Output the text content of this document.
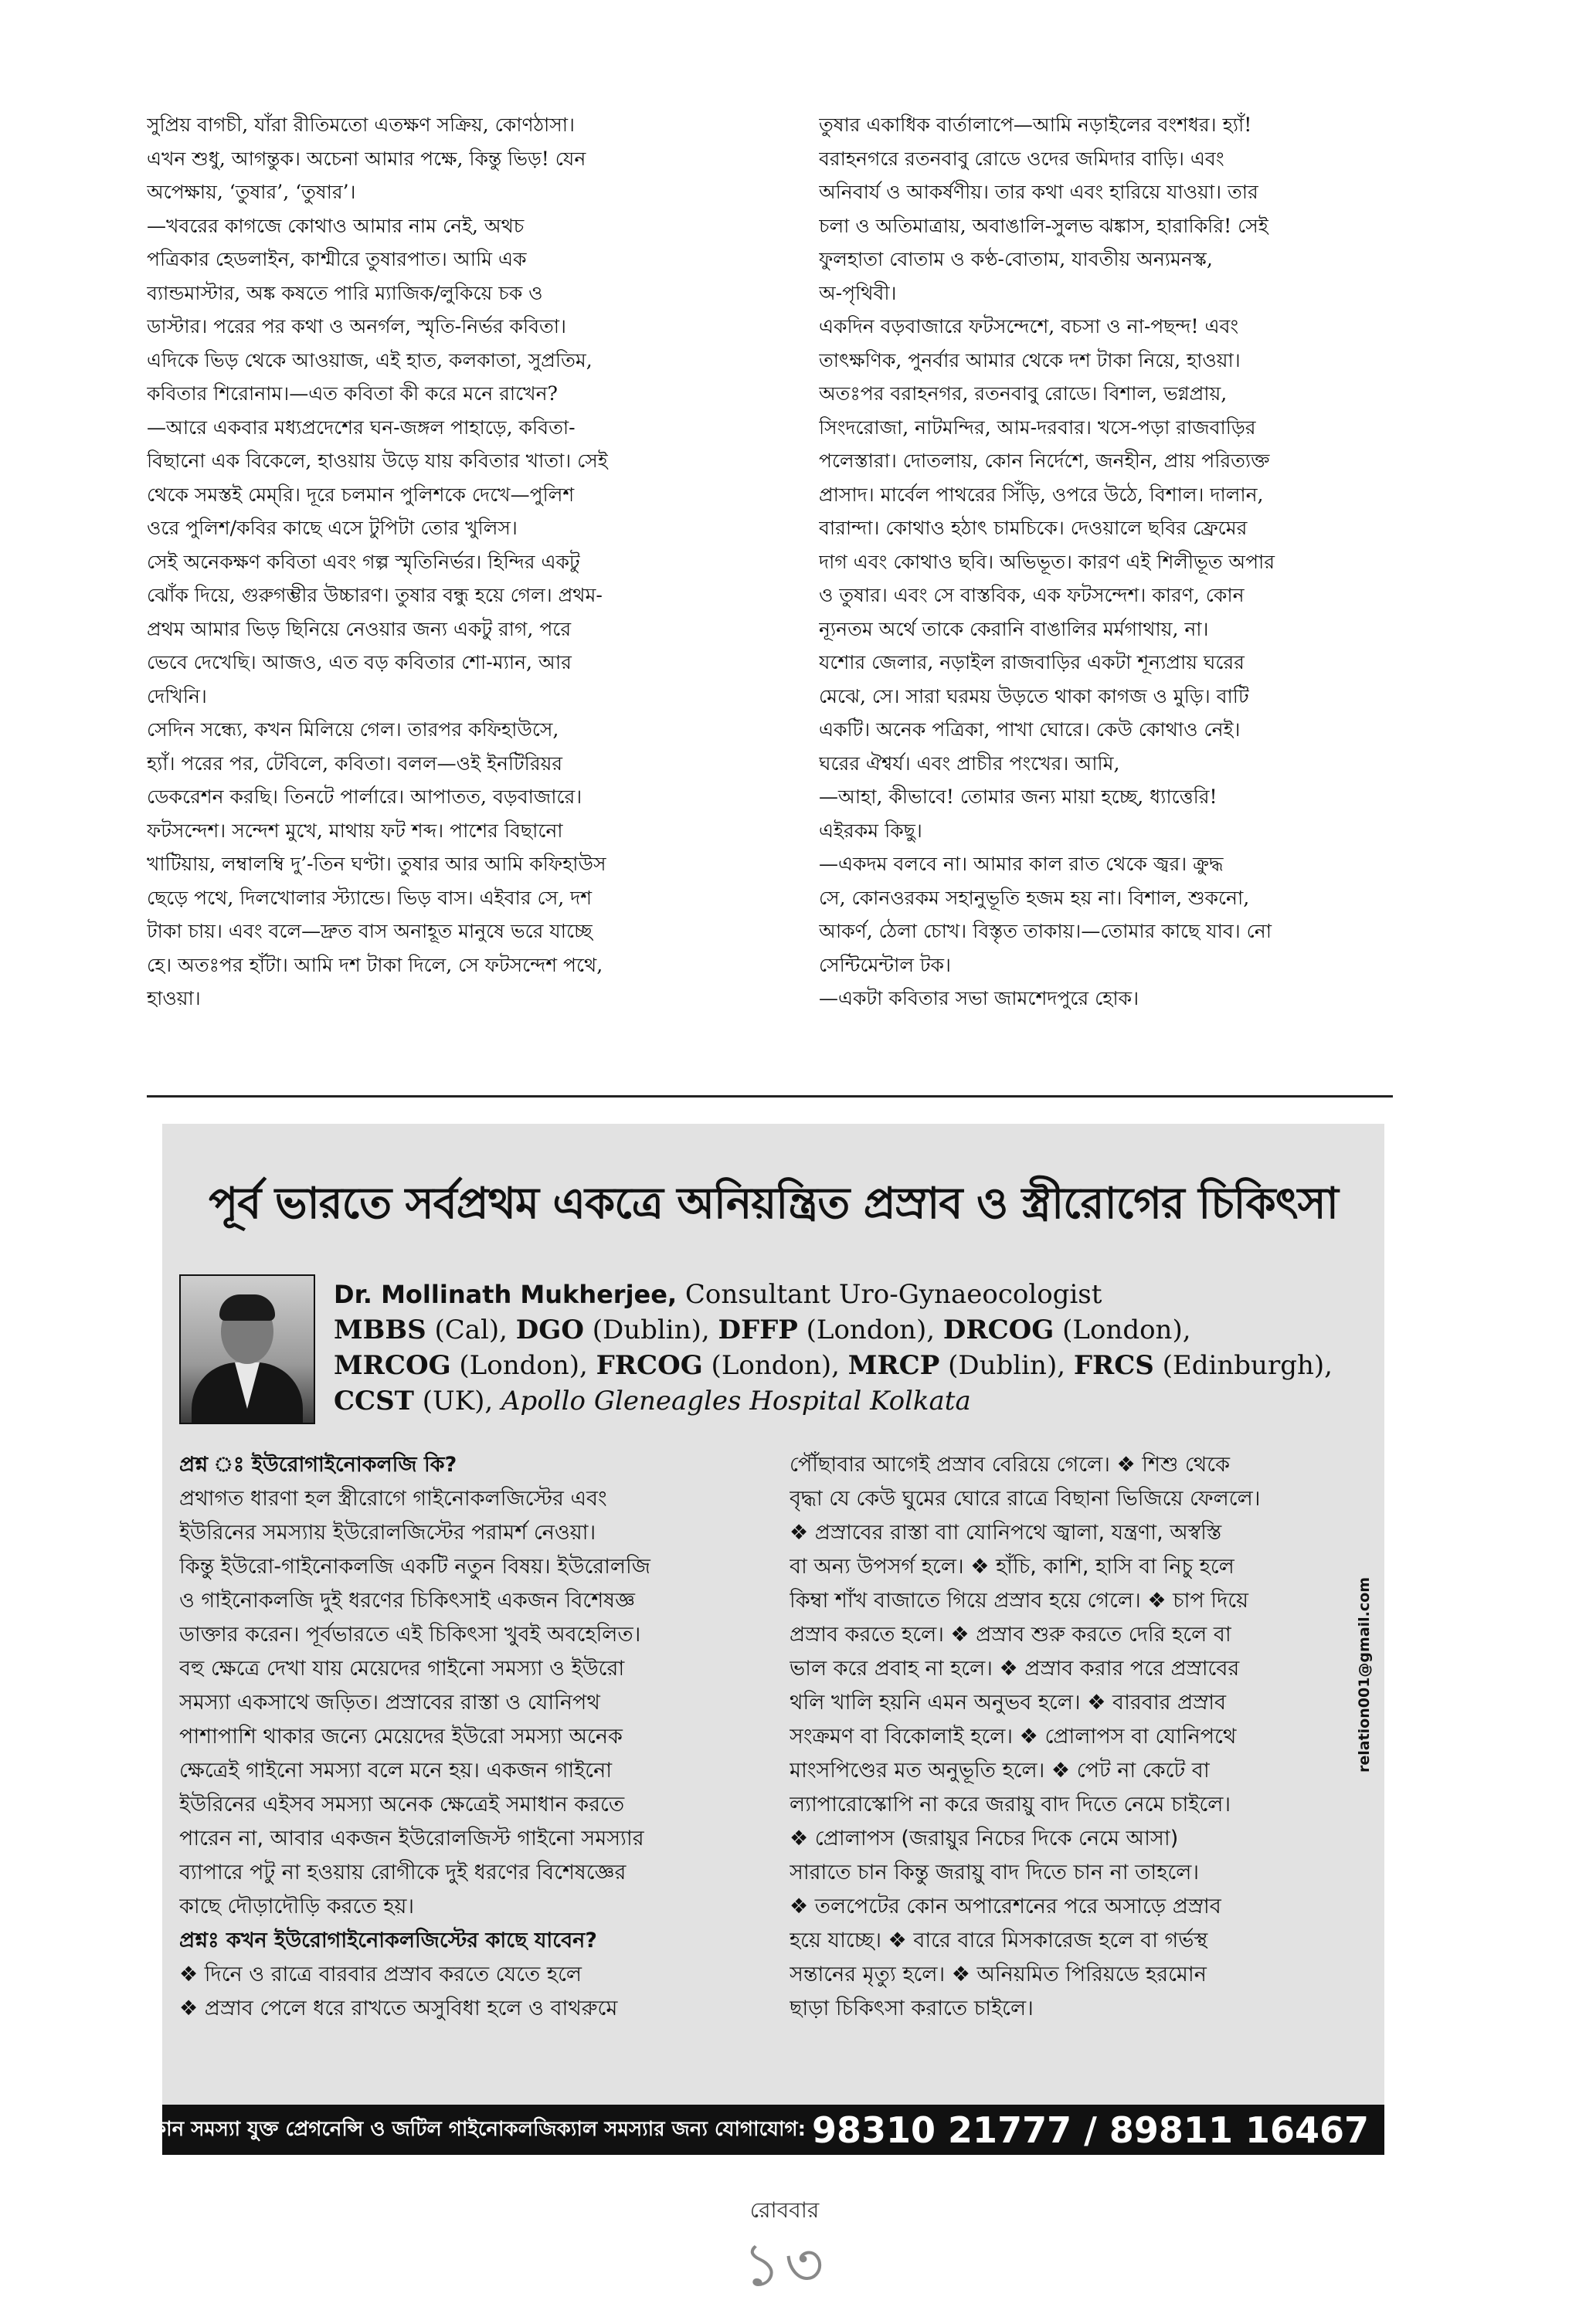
সুপ্রিয় বাগচী, যাঁরা রীতিমতো এতক্ষণ সক্রিয়, কোণঠাসা।

এখন শুধু, আগন্তুক। অচেনা আমার পক্ষে, কিন্তু ভিড়! যেন

অপেক্ষায়, ‘তুষার’, ‘তুষার’।

—খবরের কাগজে কোথাও আমার নাম নেই, অথচ

পত্রিকার হেডলাইন, কাশ্মীরে তুষারপাত। আমি এক

ব্যান্ডমাস্টার, অঙ্ক কষতে পারি ম্যাজিক/লুকিয়ে চক ও

ডাস্টার। পরের পর কথা ও অনর্গল, স্মৃতি-নির্ভর কবিতা।

এদিকে ভিড় থেকে আওয়াজ, এই হাত, কলকাতা, সুপ্রতিম,

কবিতার শিরোনাম।—এত কবিতা কী করে মনে রাখেন?

—আরে একবার মধ্যপ্রদেশের ঘন-জঙ্গল পাহাড়ে, কবিতা-

বিছানো এক বিকেলে, হাওয়ায় উড়ে যায় কবিতার খাতা। সেই

থেকে সমস্তই মেম্‌রি। দূরে চলমান পুলিশকে দেখে—পুলিশ

ওরে পুলিশ/কবির কাছে এসে টুপিটা তোর খুলিস।

সেই অনেকক্ষণ কবিতা এবং গল্প স্মৃতিনির্ভর। হিন্দির একটু

ঝোঁক দিয়ে, গুরুগম্ভীর উচ্চারণ। তুষার বন্ধু হয়ে গেল। প্রথম-

প্রথম আমার ভিড় ছিনিয়ে নেওয়ার জন্য একটু রাগ, পরে

ভেবে দেখেছি। আজও, এত বড় কবিতার শো-ম্যান, আর

দেখিনি।

সেদিন সন্ধ্যে, কখন মিলিয়ে গেল। তারপর কফিহাউসে,

হ্যাঁ। পরের পর, টেবিলে, কবিতা। বলল—ওই ইনটিরিয়র

ডেকরেশন করছি। তিনটে পার্লারে। আপাতত, বড়বাজারে।

ফটসন্দেশ। সন্দেশ মুখে, মাথায় ফট শব্দ। পাশের বিছানো

খাটিয়ায়, লম্বালম্বি দু’-তিন ঘণ্টা। তুষার আর আমি কফিহাউস

ছেড়ে পথে, দিলখোলার স্ট্যান্ডে। ভিড় বাস। এইবার সে, দশ

টাকা চায়। এবং বলে—দ্রুত বাস অনাহূত মানুষে ভরে যাচ্ছে

হে। অতঃপর হাঁটা। আমি দশ টাকা দিলে, সে ফটসন্দেশ পথে,

হাওয়া।

তুষার একাধিক বার্তালাপে—আমি নড়াইলের বংশধর। হ্যাঁ!

বরাহনগরে রতনবাবু রোডে ওদের জমিদার বাড়ি। এবং

অনিবার্য ও আকর্ষণীয়। তার কথা এবং হারিয়ে যাওয়া। তার

চলা ও অতিমাত্রায়, অবাঙালি-সুলভ ঝঙ্কাস, হারাকিরি! সেই

ফুলহাতা বোতাম ও কণ্ঠ-বোতাম, যাবতীয় অন্যমনস্ক,

অ-পৃথিবী।

একদিন বড়বাজারে ফটসন্দেশে, বচসা ও না-পছন্দ! এবং

তাৎক্ষণিক, পুনর্বার আমার থেকে দশ টাকা নিয়ে, হাওয়া।

অতঃপর বরাহনগর, রতনবাবু রোডে। বিশাল, ভগ্নপ্রায়,

সিংদরোজা, নাটমন্দির, আম-দরবার। খসে-পড়া রাজবাড়ির

পলেস্তারা। দোতলায়, কোন নির্দেশে, জনহীন, প্রায় পরিত্যক্ত

প্রাসাদ। মার্বেল পাথরের সিঁড়ি, ওপরে উঠে, বিশাল। দালান,

বারান্দা। কোথাও হঠাৎ চামচিকে। দেওয়ালে ছবির ফ্রেমের

দাগ এবং কোথাও ছবি। অভিভূত। কারণ এই শিলীভূত অপার

ও তুষার। এবং সে বাস্তবিক, এক ফটসন্দেশ। কারণ, কোন

ন্যূনতম অর্থে তাকে কেরানি বাঙালির মর্মগাথায়, না।

যশোর জেলার, নড়াইল রাজবাড়ির একটা শূন্যপ্রায় ঘরের

মেঝে, সে। সারা ঘরময় উড়তে থাকা কাগজ ও মুড়ি। বাটি

একটি। অনেক পত্রিকা, পাখা ঘোরে। কেউ কোথাও নেই।

ঘরের ঐশ্বর্য। এবং প্রাচীর পংখের। আমি,

—আহা, কীভাবে! তোমার জন্য মায়া হচ্ছে, ধ্যাত্তেরি!

এইরকম কিছু।

—একদম বলবে না। আমার কাল রাত থেকে জ্বর। ক্রুদ্ধ

সে, কোনওরকম সহানুভূতি হজম হয় না। বিশাল, শুকনো,

আকর্ণ, ঠেলা চোখ। বিস্তৃত তাকায়।—তোমার কাছে যাব। নো

সেন্টিমেন্টাল টক।

—একটা কবিতার সভা জামশেদপুরে হোক।

পূর্ব ভারতে সর্বপ্রথম একত্রে অনিয়ন্ত্রিত প্রস্রাব ও স্ত্রীরোগের চিকিৎসা

Dr. Mollinath Mukherjee, Consultant Uro-Gynaeocologist

MBBS (Cal), DGO (Dublin), DFFP (London), DRCOG (London),

MRCOG (London), FRCOG (London), MRCP (Dublin), FRCS (Edinburgh),

CCST (UK), Apollo Gleneagles Hospital Kolkata

প্রশ্ন ঃ ইউরোগাইনোকলজি কি?

প্রথাগত ধারণা হল স্ত্রীরোগে গাইনোকলজিস্টের এবং

ইউরিনের সমস্যায় ইউরোলজিস্টের পরামর্শ নেওয়া।

কিন্তু ইউরো-গাইনোকলজি একটি নতুন বিষয়। ইউরোলজি

ও গাইনোকলজি দুই ধরণের চিকিৎসাই একজন বিশেষজ্ঞ

ডাক্তার করেন। পূর্বভারতে এই চিকিৎসা খুবই অবহেলিত।

বহু ক্ষেত্রে দেখা যায় মেয়েদের গাইনো সমস্যা ও ইউরো

সমস্যা একসাথে জড়িত। প্রস্রাবের রাস্তা ও যোনিপথ

পাশাপাশি থাকার জন্যে মেয়েদের ইউরো সমস্যা অনেক

ক্ষেত্রেই গাইনো সমস্যা বলে মনে হয়। একজন গাইনো

ইউরিনের এইসব সমস্যা অনেক ক্ষেত্রেই সমাধান করতে

পারেন না, আবার একজন ইউরোলজিস্ট গাইনো সমস্যার

ব্যাপারে পটু না হওয়ায় রোগীকে দুই ধরণের বিশেষজ্ঞের

কাছে দৌড়াদৌড়ি করতে হয়।

প্রশ্নঃ কখন ইউরোগাইনোকলজিস্টের কাছে যাবেন?

❖ দিনে ও রাত্রে বারবার প্রস্রাব করতে যেতে হলে

❖ প্রস্রাব পেলে ধরে রাখতে অসুবিধা হলে ও বাথরুমে

পৌঁছাবার আগেই প্রস্রাব বেরিয়ে গেলে। ❖ শিশু থেকে

বৃদ্ধা যে কেউ ঘুমের ঘোরে রাত্রে বিছানা ভিজিয়ে ফেললে।

❖ প্রস্রাবের রাস্তা বাা যোনিপথে জ্বালা, যন্ত্রণা, অস্বস্তি

বা অন্য উপসর্গ হলে। ❖ হাঁচি, কাশি, হাসি বা নিচু হলে

কিম্বা শাঁখ বাজাতে গিয়ে প্রস্রাব হয়ে গেলে। ❖ চাপ দিয়ে

প্রস্রাব করতে হলে। ❖ প্রস্রাব শুরু করতে দেরি হলে বা

ভাল করে প্রবাহ না হলে। ❖ প্রস্রাব করার পরে প্রস্রাবের

থলি খালি হয়নি এমন অনুভব হলে। ❖ বারবার প্রস্রাব

সংক্রমণ বা বিকোলাই হলে। ❖ প্রোলাপস বা যোনিপথে

মাংসপিণ্ডের মত অনুভূতি হলে। ❖ পেট না কেটে বা

ল্যাপারোস্কোপি না করে জরায়ু বাদ দিতে নেমে চাইলে।

❖ প্রোলাপস (জরায়ুর নিচের দিকে নেমে আসা)

সারাতে চান কিন্তু জরায়ু বাদ দিতে চান না তাহলে।

❖ তলপেটের কোন অপারেশনের পরে অসাড়ে প্রস্রাব

হয়ে যাচ্ছে। ❖ বারে বারে মিসকারেজ হলে বা গর্ভস্থ

সন্তানের মৃত্যু হলে। ❖ অনিয়মিত পিরিয়ডে হরমোন

ছাড়া চিকিৎসা করাতে চাইলে।

relation001@gmail.com
যে কোন সমস্যা যুক্ত প্রেগনেন্সি ও জটিল গাইনোকলজিক্যাল সমস্যার জন্য যোগাযোগ: 98310 21777 / 89811 16467
রোববার
১৩
